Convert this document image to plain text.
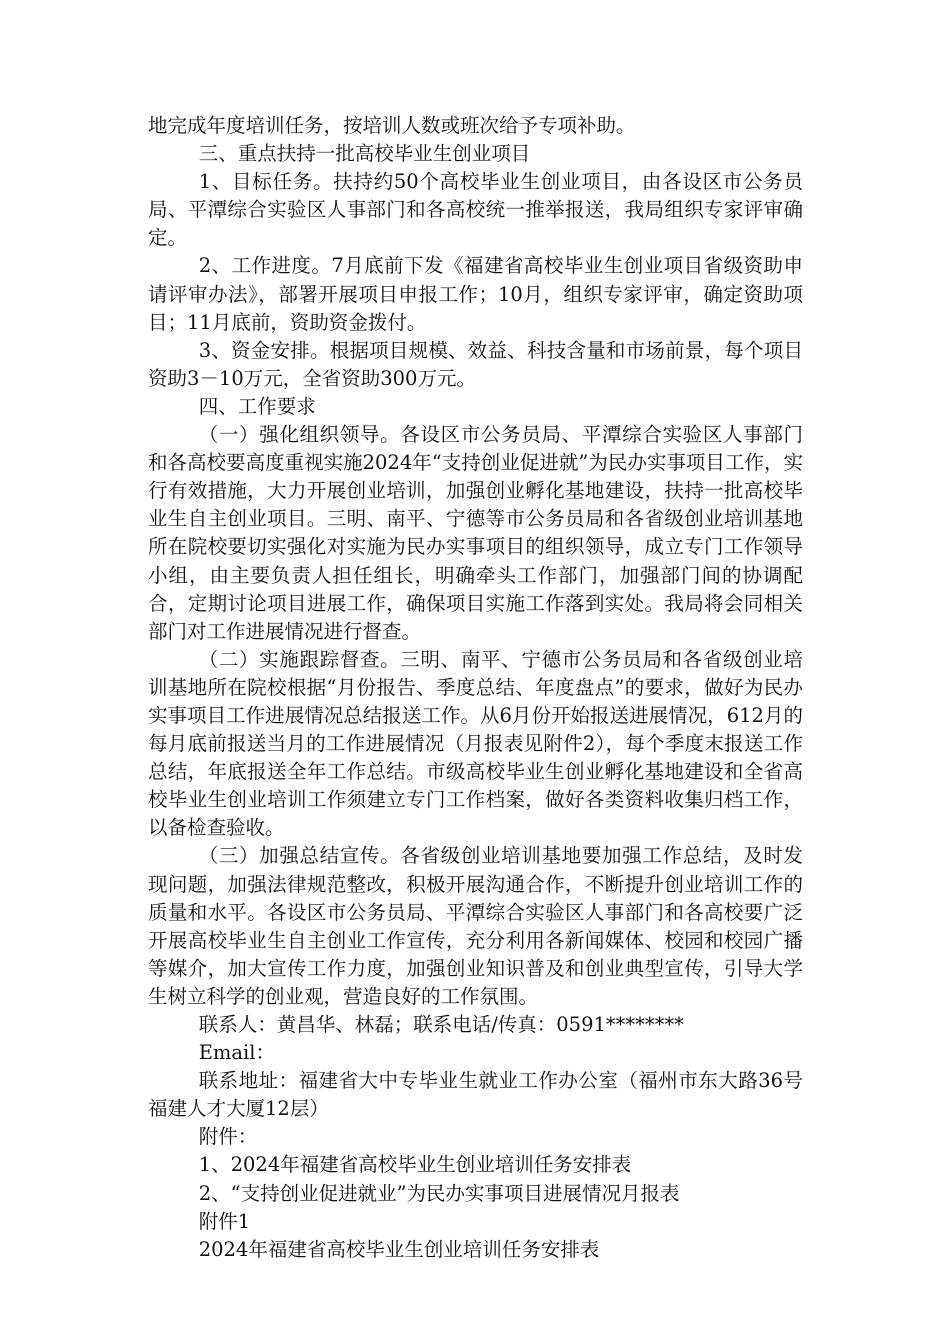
地完成年度培训任务，按培训人数或班次给予专项补助。

三、重点扶持一批高校毕业生创业项目

1、目标任务。扶持约50个高校毕业生创业项目，由各设区市公务员局、平潭综合实验区人事部门和各高校统一推举报送，我局组织专家评审确定。

2、工作进度。7月底前下发《福建省高校毕业生创业项目省级资助申请评审办法》，部署开展项目申报工作；10月，组织专家评审，确定资助项目；11月底前，资助资金拨付。

3、资金安排。根据项目规模、效益、科技含量和市场前景，每个项目资助3－10万元，全省资助300万元。

四、工作要求

（一）强化组织领导。各设区市公务员局、平潭综合实验区人事部门和各高校要高度重视实施2024年“支持创业促进就”为民办实事项目工作，实行有效措施，大力开展创业培训，加强创业孵化基地建设，扶持一批高校毕业生自主创业项目。三明、南平、宁德等市公务员局和各省级创业培训基地所在院校要切实强化对实施为民办实事项目的组织领导，成立专门工作领导小组，由主要负责人担任组长，明确牵头工作部门，加强部门间的协调配合，定期讨论项目进展工作，确保项目实施工作落到实处。我局将会同相关部门对工作进展情况进行督查。

（二）实施跟踪督查。三明、南平、宁德市公务员局和各省级创业培训基地所在院校根据“月份报告、季度总结、年度盘点”的要求，做好为民办实事项目工作进展情况总结报送工作。从6月份开始报送进展情况，612月的每月底前报送当月的工作进展情况（月报表见附件2），每个季度末报送工作总结，年底报送全年工作总结。市级高校毕业生创业孵化基地建设和全省高校毕业生创业培训工作须建立专门工作档案，做好各类资料收集归档工作，以备检查验收。

（三）加强总结宣传。各省级创业培训基地要加强工作总结，及时发现问题，加强法律规范整改，积极开展沟通合作，不断提升创业培训工作的质量和水平。各设区市公务员局、平潭综合实验区人事部门和各高校要广泛开展高校毕业生自主创业工作宣传，充分利用各新闻媒体、校园和校园广播等媒介，加大宣传工作力度，加强创业知识普及和创业典型宣传，引导大学生树立科学的创业观，营造良好的工作氛围。

联系人：黄昌华、林磊；联系电话/传真：0591********

Email：

联系地址：福建省大中专毕业生就业工作办公室（福州市东大路36号福建人才大厦12层）

附件：

1、2024年福建省高校毕业生创业培训任务安排表

2、“支持创业促进就业”为民办实事项目进展情况月报表

附件1

2024年福建省高校毕业生创业培训任务安排表
